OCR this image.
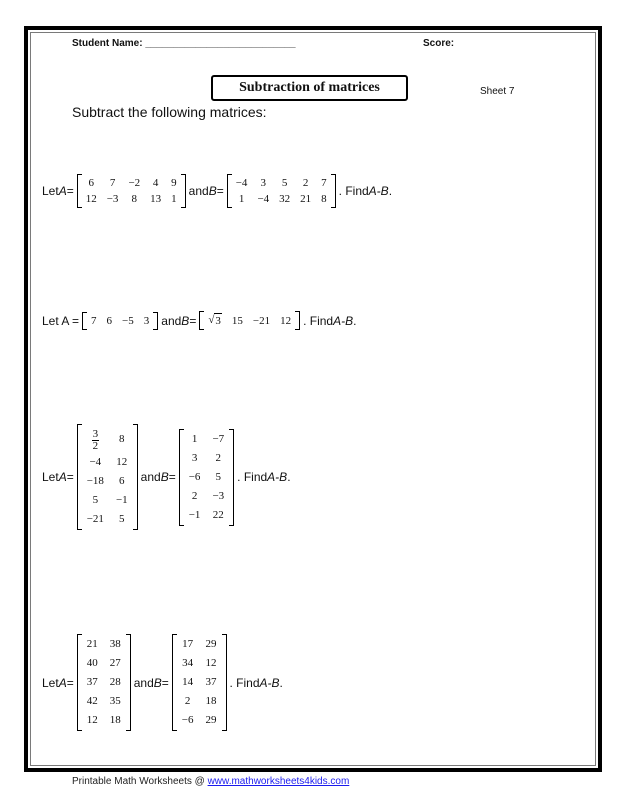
Student Name: ___________________________	Score:
Subtraction of matrices	Sheet 7
Subtract the following matrices:
Let A =
6	7	−2	4	9
12	−3	8	13	1
and B =
−4	3	5	2	7
1	−4	32	21	8
. Find A-B .
Let A = 7	6	−5	3 and B = √ 3	15	−21	12 . Find A-B .
Let A =
$\frac{3}{2}$	8
−4	12
−18	6
5	−1
−21	5
and B =
1	−7
3	2
−6	5
2	−3
−1	22
. Find A-B .
Let A =
21	38
40	27
37	28
42	35
12	18
and B =
17	29
34	12
14	37
2	18
−6	29
. Find A-B .
Printable Math Worksheets @ www.mathworksheets4kids.com
